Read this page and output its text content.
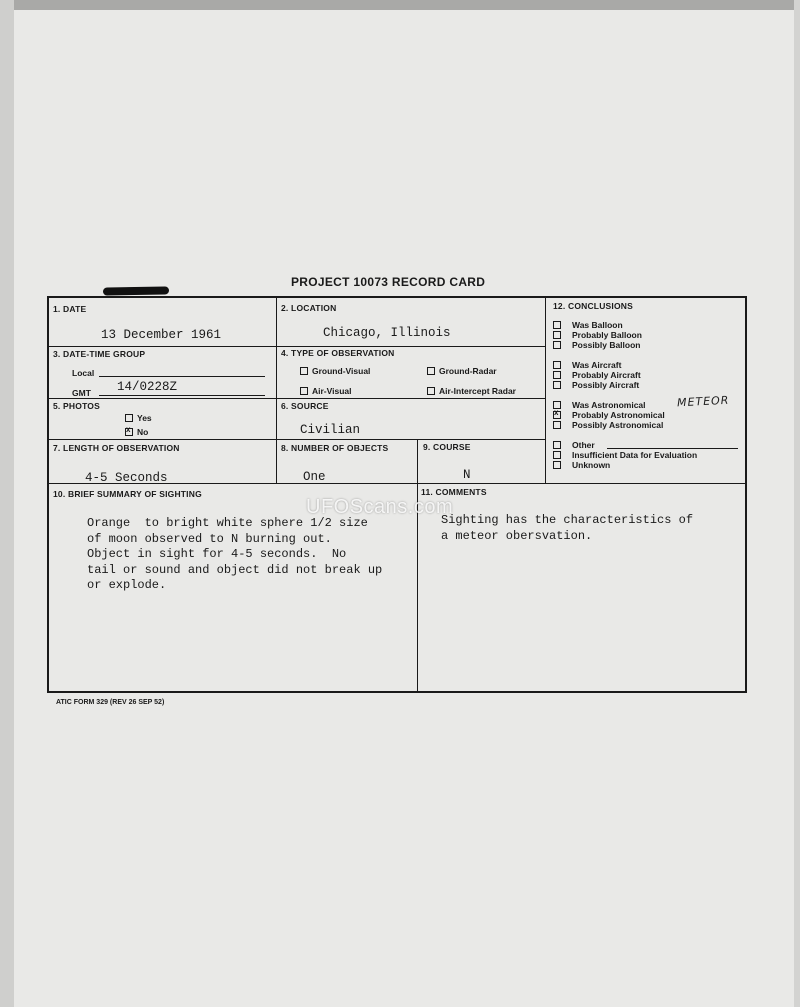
PROJECT 10073 RECORD CARD
1. DATE
13 December 1961
2. LOCATION
Chicago, Illinois
3. DATE-TIME GROUP
Local
GMT 14/0228Z
4. TYPE OF OBSERVATION
Ground-Visual	Ground-Radar
Air-Visual	Air-Intercept Radar
5. PHOTOS
Yes
xNo
6. SOURCE
Civilian
7. LENGTH OF OBSERVATION
4-5 Seconds
8. NUMBER OF OBJECTS
One
9. COURSE
N
10. BRIEF SUMMARY OF SIGHTING
Orange  to bright white sphere 1/2 size
of moon observed to N burning out.
Object in sight for 4-5 seconds.  No
tail or sound and object did not break up
or explode.
11. COMMENTS
Sighting has the characteristics of
a meteor obersvation.
12. CONCLUSIONS
Was Balloon
Probably Balloon
Possibly Balloon
Was Aircraft
Probably Aircraft
Possibly Aircraft
Was Astronomical
xProbably Astronomical
Possibly Astronomical
METEOR
Other
Insufficient Data for Evaluation
Unknown
UFOScans.com
ATIC FORM 329 (REV 26 SEP 52)
